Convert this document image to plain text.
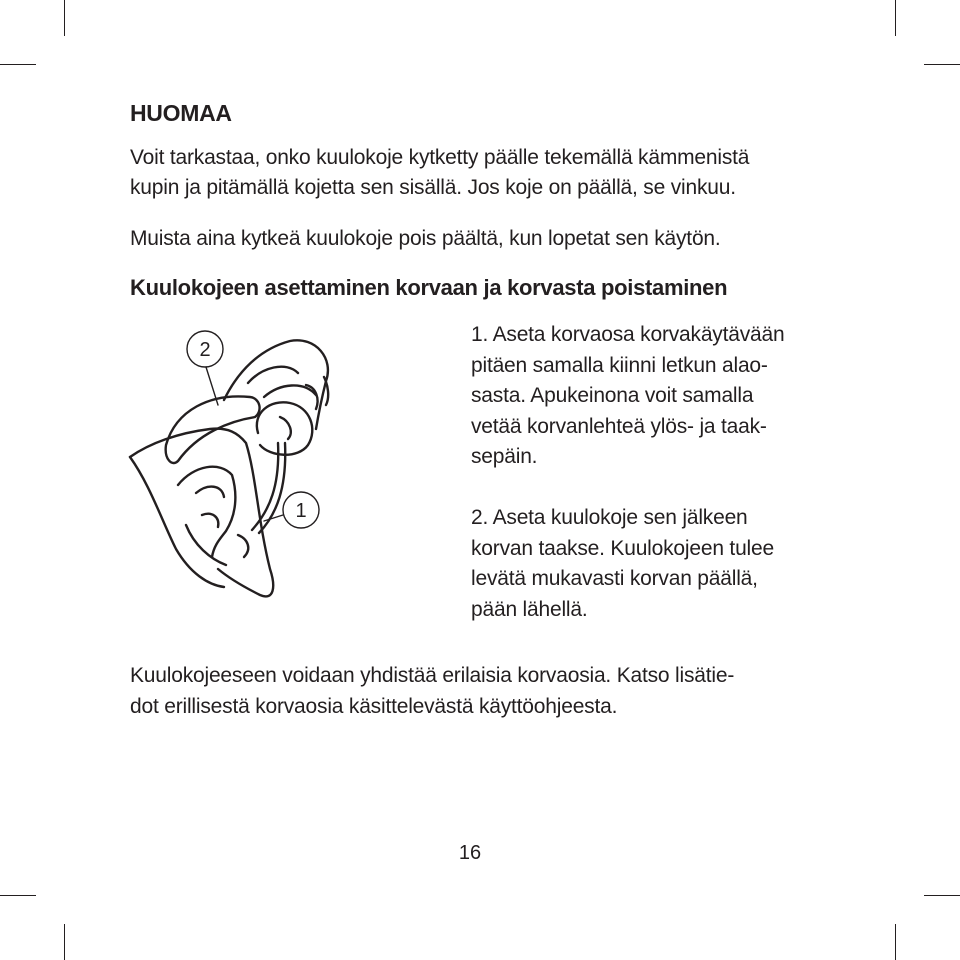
HUOMAA
Voit tarkastaa, onko kuulokoje kytketty päälle tekemällä kämmenistä
kupin ja pitämällä kojetta sen sisällä. Jos koje on päällä, se vinkuu.
Muista aina kytkeä kuulokoje pois päältä, kun lopetat sen käytön.
Kuulokojeen asettaminen korvaan ja korvasta poistaminen
2
1
1. Aseta korvaosa korvakäytävään
pitäen samalla kiinni letkun alao-
sasta. Apukeinona voit samalla
vetää korvanlehteä ylös- ja taak-
sepäin.
2. Aseta kuulokoje sen jälkeen
korvan taakse. Kuulokojeen tulee
levätä mukavasti korvan päällä,
pään lähellä.
Kuulokojeeseen voidaan yhdistää erilaisia korvaosia. Katso lisätie-
dot erillisestä korvaosia käsittelevästä käyttöohjeesta.
16
